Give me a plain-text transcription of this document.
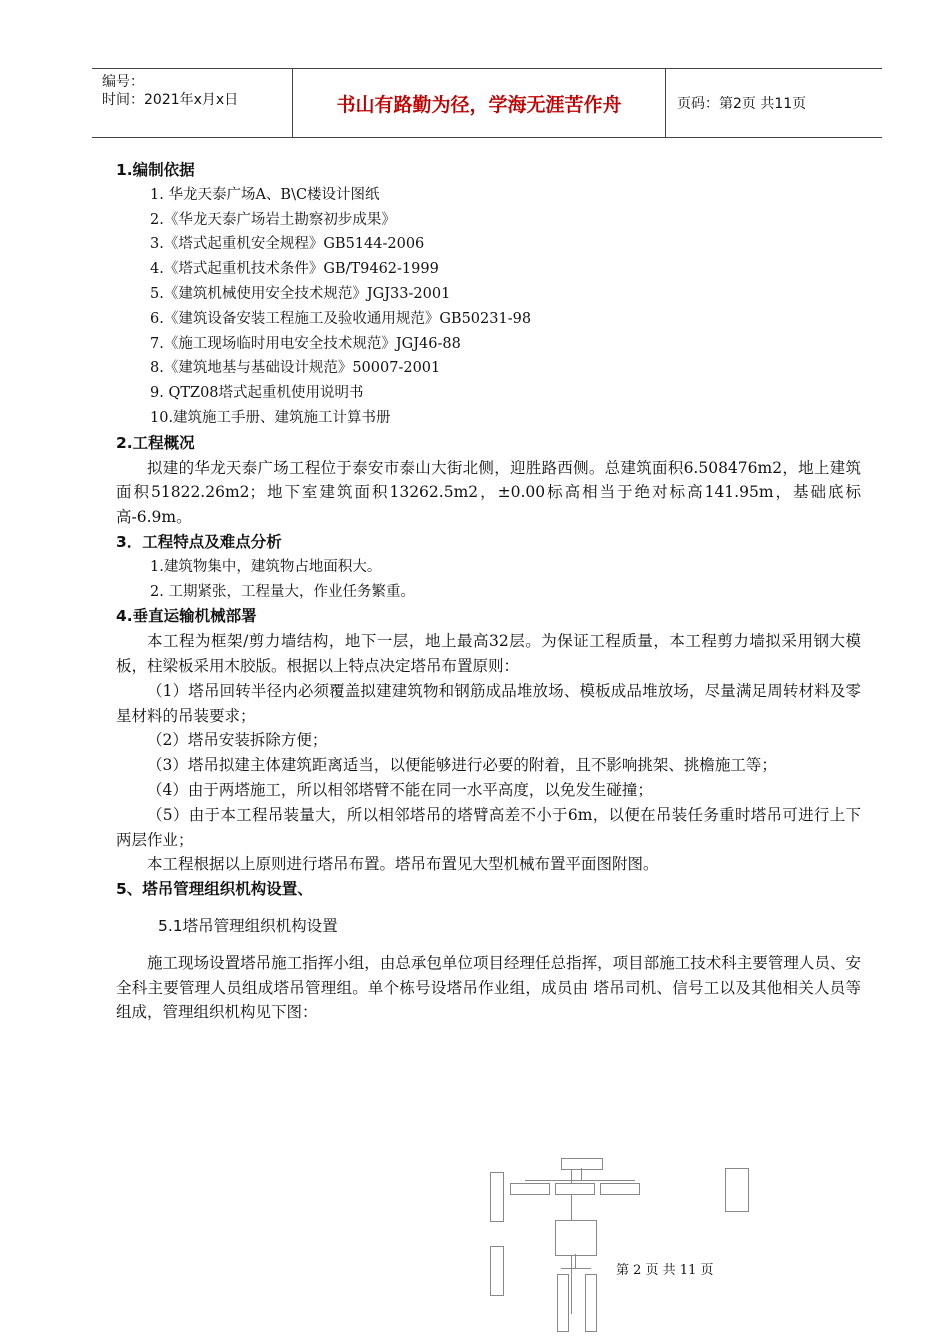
编号：
时间：2021年x月x日	书山有路勤为径，学海无涯苦作舟	页码：第2页 共11页
1.编制依据
1. 华龙天泰广场A、B\C楼设计图纸
2.《华龙天泰广场岩土勘察初步成果》
3.《塔式起重机安全规程》GB5144-2006
4.《塔式起重机技术条件》GB/T9462-1999
5.《建筑机械使用安全技术规范》JGJ33-2001
6.《建筑设备安装工程施工及验收通用规范》GB50231-98
7.《施工现场临时用电安全技术规范》JGJ46-88
8.《建筑地基与基础设计规范》50007-2001
9. QTZ08塔式起重机使用说明书
10.建筑施工手册、建筑施工计算书册
2.工程概况
拟建的华龙天泰广场工程位于泰安市泰山大街北侧，迎胜路西侧。总建筑面积6.508476m2，地上建筑面积51822.26m2；地下室建筑面积13262.5m2，±0.00标高相当于绝对标高141.95m，基础底标高-6.9m。
3．工程特点及难点分析
1.建筑物集中，建筑物占地面积大。
2. 工期紧张，工程量大，作业任务繁重。
4.垂直运输机械部署
本工程为框架/剪力墙结构，地下一层，地上最高32层。为保证工程质量，本工程剪力墙拟采用钢大模板，柱梁板采用木胶版。根据以上特点决定塔吊布置原则：
（1）塔吊回转半径内必须覆盖拟建建筑物和钢筋成品堆放场、模板成品堆放场，尽量满足周转材料及零星材料的吊装要求；
（2）塔吊安装拆除方便；
（3）塔吊拟建主体建筑距离适当，以便能够进行必要的附着，且不影响挑架、挑檐施工等；
（4）由于两塔施工，所以相邻塔臂不能在同一水平高度，以免发生碰撞；
（5）由于本工程吊装量大，所以相邻塔吊的塔臂高差不小于6m，以便在吊装任务重时塔吊可进行上下两层作业；
本工程根据以上原则进行塔吊布置。塔吊布置见大型机械布置平面图附图。
5、塔吊管理组织机构设置、
5.1塔吊管理组织机构设置
施工现场设置塔吊施工指挥小组，由总承包单位项目经理任总指挥，项目部施工技术科主要管理人员、安全科主要管理人员组成塔吊管理组。单个栋号设塔吊作业组，成员由 塔吊司机、信号工以及其他相关人员等组成，管理组织机构见下图：
第 2 页 共 11 页
